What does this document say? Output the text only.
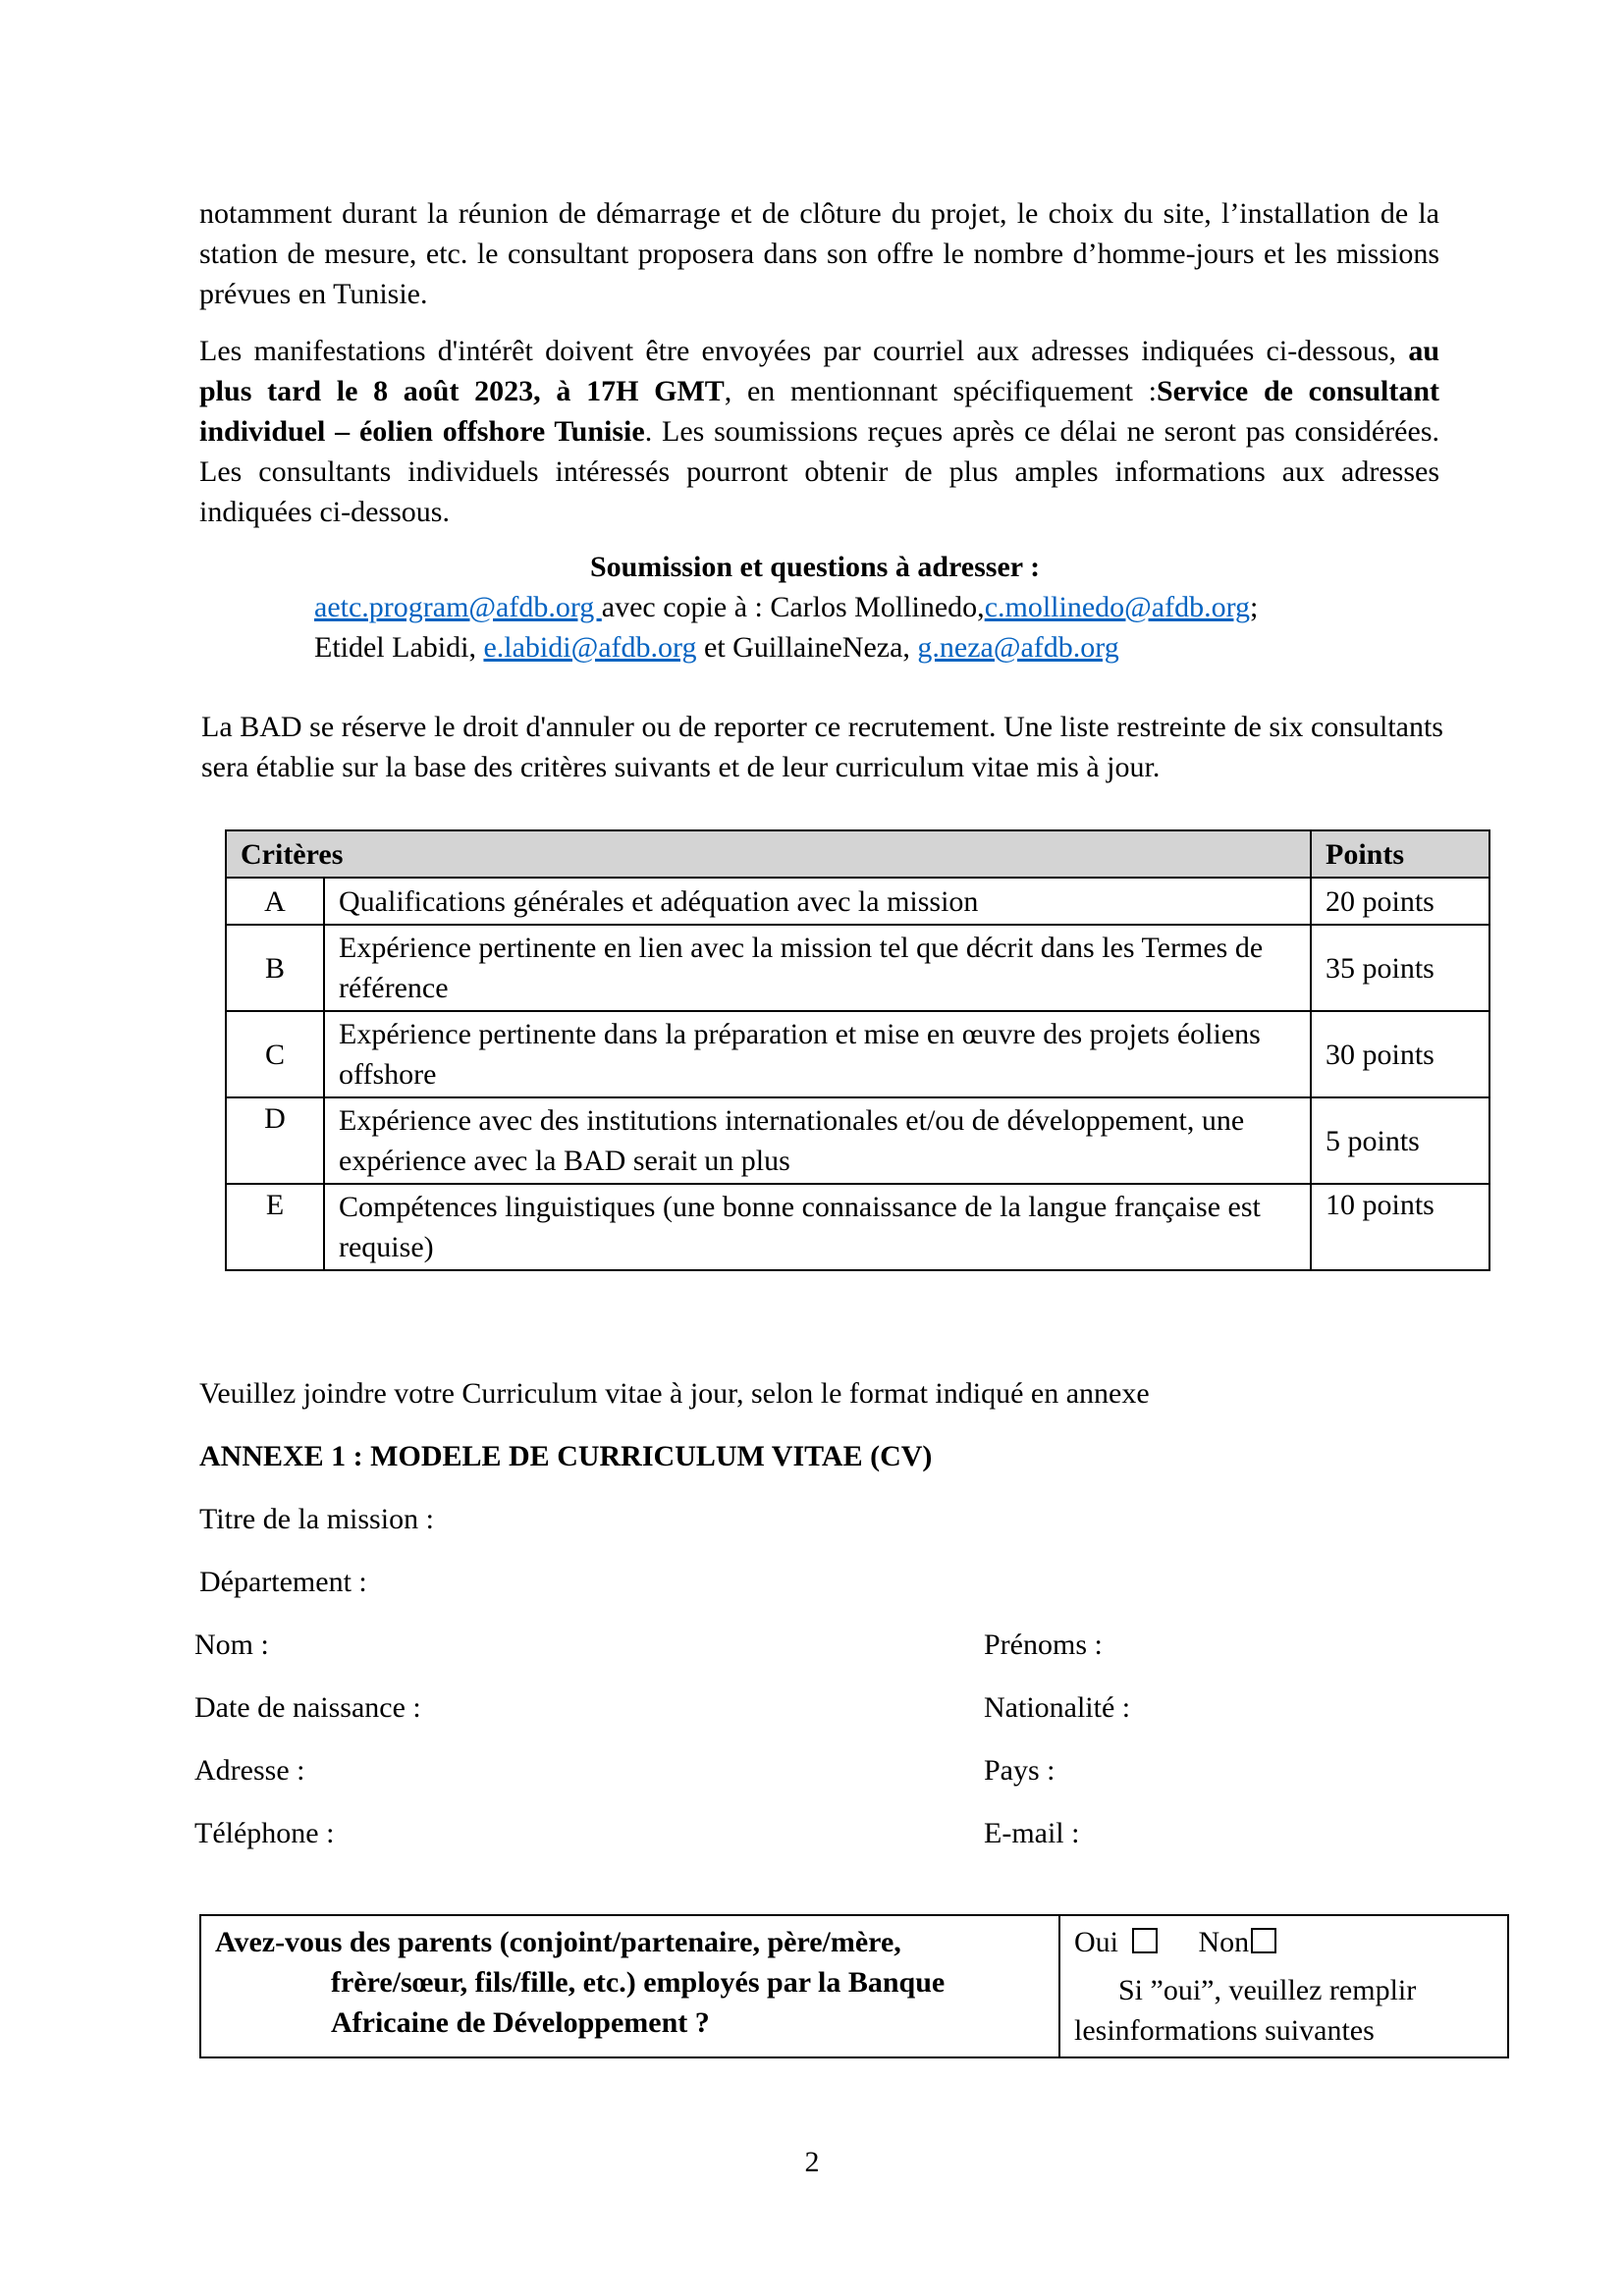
notamment durant la réunion de démarrage et de clôture du projet, le choix du site, l’installation de la station de mesure, etc. le consultant proposera dans son offre le nombre d’homme-jours et les missions prévues en Tunisie.
Les manifestations d'intérêt doivent être envoyées par courriel aux adresses indiquées ci-dessous, au plus tard le 8 août 2023, à 17H GMT, en mentionnant spécifiquement :Service de consultant individuel – éolien offshore Tunisie. Les soumissions reçues après ce délai ne seront pas considérées. Les consultants individuels intéressés pourront obtenir de plus amples informations aux adresses indiquées ci-dessous.
Soumission et questions à adresser :
aetc.program@afdb.org avec copie à : Carlos Mollinedo,c.mollinedo@afdb.org;
Etidel Labidi, e.labidi@afdb.org et GuillaineNeza, g.neza@afdb.org
La BAD se réserve le droit d'annuler ou de reporter ce recrutement. Une liste restreinte de six consultants sera établie sur la base des critères suivants et de leur curriculum vitae mis à jour.
Critères		Points
A	Qualifications générales et adéquation avec la mission	20 points
B	Expérience pertinente en lien avec la mission tel que décrit dans les Termes de référence	35 points
C	Expérience pertinente dans la préparation et mise en œuvre des projets éoliens offshore	30 points
D	Expérience avec des institutions internationales et/ou de développement, une expérience avec la BAD serait un plus	5 points
E	Compétences linguistiques (une bonne connaissance de la langue française est requise)	10 points
Veuillez joindre votre Curriculum vitae à jour, selon le format indiqué en annexe
ANNEXE 1 : MODELE DE CURRICULUM VITAE (CV)
Titre de la mission :
Département :
Nom :	Prénoms :
Date de naissance :	Nationalité :
Adresse :	Pays :
Téléphone :	E-mail :
Avez-vous des parents (conjoint/partenaire, père/mère,
frère/sœur, fils/fille, etc.) employés par la Banque
Africaine de Développement ?

Oui	Non
Si ”oui”, veuillez remplir
lesinformations suivantes
2
